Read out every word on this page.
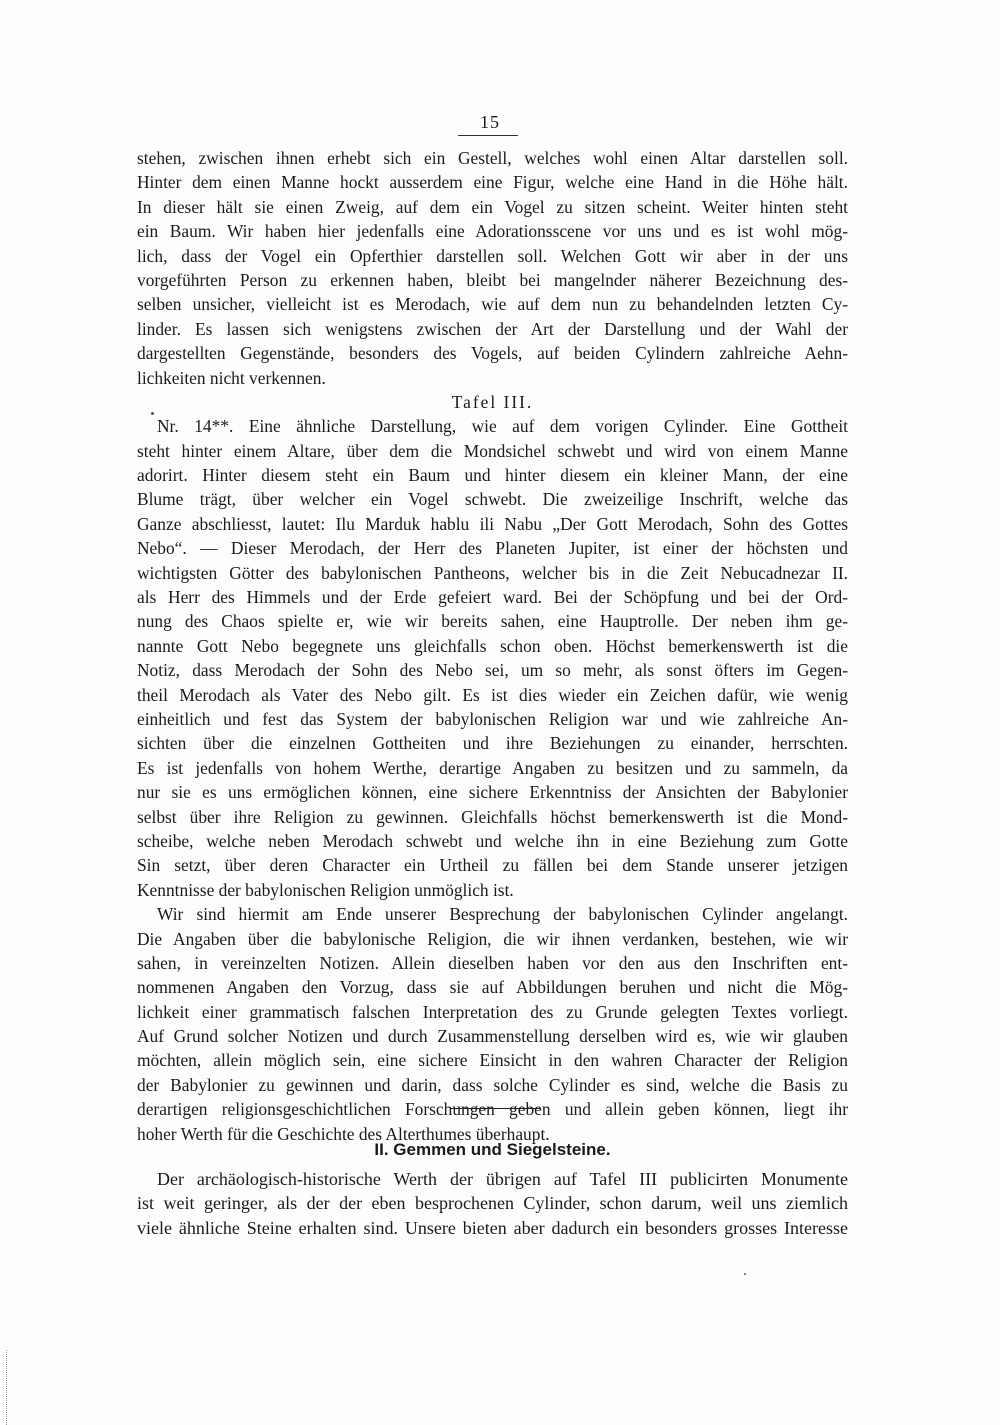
15
stehen, zwischen ihnen erhebt sich ein Gestell, welches wohl einen Altar darstellen soll.
Hinter dem einen Manne hockt ausserdem eine Figur, welche eine Hand in die Höhe hält.
In dieser hält sie einen Zweig, auf dem ein Vogel zu sitzen scheint. Weiter hinten steht
ein Baum. Wir haben hier jedenfalls eine Adorationsscene vor uns und es ist wohl mög-
lich, dass der Vogel ein Opferthier darstellen soll. Welchen Gott wir aber in der uns
vorgeführten Person zu erkennen haben, bleibt bei mangelnder näherer Bezeichnung des-
selben unsicher, vielleicht ist es Merodach, wie auf dem nun zu behandelnden letzten Cy-
linder. Es lassen sich wenigstens zwischen der Art der Darstellung und der Wahl der
dargestellten Gegenstände, besonders des Vogels, auf beiden Cylindern zahlreiche Aehn-
lichkeiten nicht verkennen.
Tafel III.
Nr. 14**. Eine ähnliche Darstellung, wie auf dem vorigen Cylinder. Eine Gottheit
steht hinter einem Altare, über dem die Mondsichel schwebt und wird von einem Manne
adorirt. Hinter diesem steht ein Baum und hinter diesem ein kleiner Mann, der eine
Blume trägt, über welcher ein Vogel schwebt. Die zweizeilige Inschrift, welche das
Ganze abschliesst, lautet: Ilu Marduk hablu ili Nabu „Der Gott Merodach, Sohn des Gottes
Nebo“. — Dieser Merodach, der Herr des Planeten Jupiter, ist einer der höchsten und
wichtigsten Götter des babylonischen Pantheons, welcher bis in die Zeit Nebucadnezar II.
als Herr des Himmels und der Erde gefeiert ward. Bei der Schöpfung und bei der Ord-
nung des Chaos spielte er, wie wir bereits sahen, eine Hauptrolle. Der neben ihm ge-
nannte Gott Nebo begegnete uns gleichfalls schon oben. Höchst bemerkenswerth ist die
Notiz, dass Merodach der Sohn des Nebo sei, um so mehr, als sonst öfters im Gegen-
theil Merodach als Vater des Nebo gilt. Es ist dies wieder ein Zeichen dafür, wie wenig
einheitlich und fest das System der babylonischen Religion war und wie zahlreiche An-
sichten über die einzelnen Gottheiten und ihre Beziehungen zu einander, herrschten.
Es ist jedenfalls von hohem Werthe, derartige Angaben zu besitzen und zu sammeln, da
nur sie es uns ermöglichen können, eine sichere Erkenntniss der Ansichten der Babylonier
selbst über ihre Religion zu gewinnen. Gleichfalls höchst bemerkenswerth ist die Mond-
scheibe, welche neben Merodach schwebt und welche ihn in eine Beziehung zum Gotte
Sin setzt, über deren Character ein Urtheil zu fällen bei dem Stande unserer jetzigen
Kenntnisse der babylonischen Religion unmöglich ist.
Wir sind hiermit am Ende unserer Besprechung der babylonischen Cylinder angelangt.
Die Angaben über die babylonische Religion, die wir ihnen verdanken, bestehen, wie wir
sahen, in vereinzelten Notizen. Allein dieselben haben vor den aus den Inschriften ent-
nommenen Angaben den Vorzug, dass sie auf Abbildungen beruhen und nicht die Mög-
lichkeit einer grammatisch falschen Interpretation des zu Grunde gelegten Textes vorliegt.
Auf Grund solcher Notizen und durch Zusammenstellung derselben wird es, wie wir glauben
möchten, allein möglich sein, eine sichere Einsicht in den wahren Character der Religion
der Babylonier zu gewinnen und darin, dass solche Cylinder es sind, welche die Basis zu
derartigen religionsgeschichtlichen Forschungen geben und allein geben können, liegt ihr
hoher Werth für die Geschichte des Alterthumes überhaupt.
II. Gemmen und Siegelsteine.
Der archäologisch-historische Werth der übrigen auf Tafel III publicirten Monumente
ist weit geringer, als der der eben besprochenen Cylinder, schon darum, weil uns ziemlich
viele ähnliche Steine erhalten sind. Unsere bieten aber dadurch ein besonders grosses Interesse
